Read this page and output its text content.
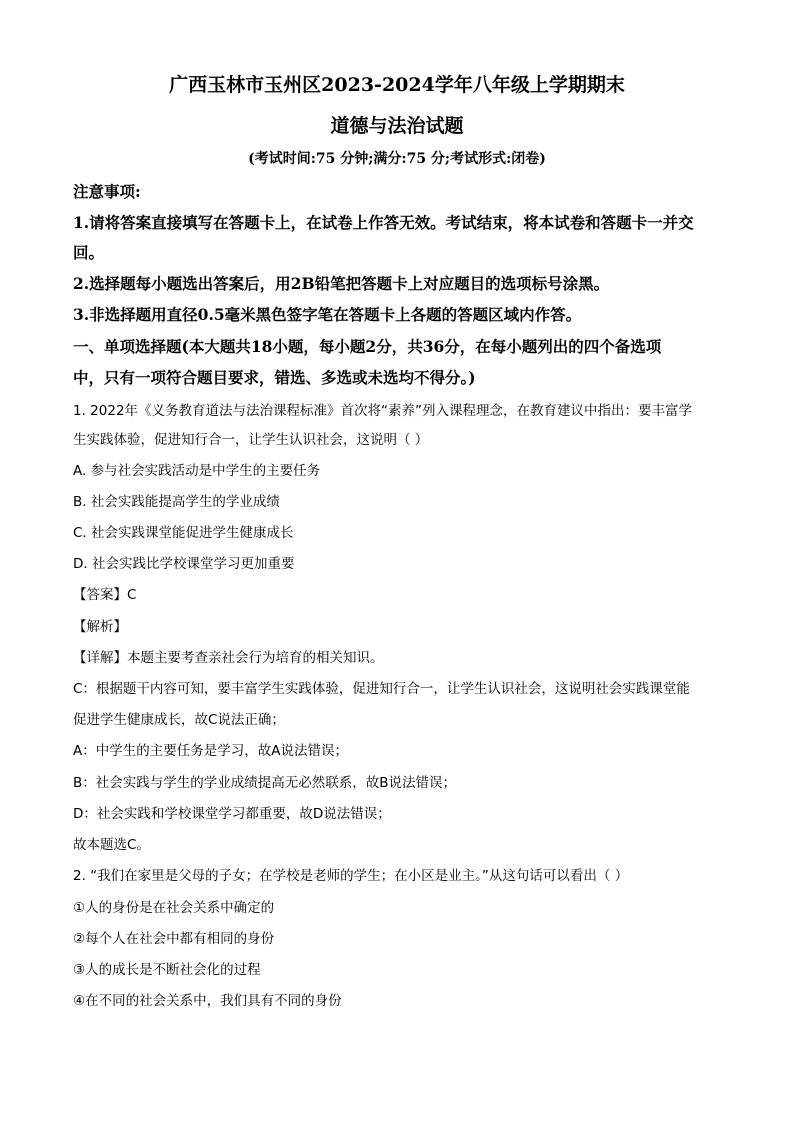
广西玉林市玉州区2023-2024学年八年级上学期期末
道德与法治试题
(考试时间:75 分钟;满分:75 分;考试形式:闭卷)
注意事项:
1.请将答案直接填写在答题卡上，在试卷上作答无效。考试结束，将本试卷和答题卡一并交
回。
2.选择题每小题选出答案后，用2B铅笔把答题卡上对应题目的选项标号涂黑。
3.非选择题用直径0.5毫米黑色签字笔在答题卡上各题的答题区域内作答。
一、单项选择题(本大题共18小题，每小题2分，共36分，在每小题列出的四个备选项
中，只有一项符合题目要求，错选、多选或未选均不得分。)
1. 2022年《义务教育道法与法治课程标准》首次将“素养”列入课程理念，在教育建议中指出：要丰富学
生实践体验，促进知行合一，让学生认识社会，这说明（ ）
A. 参与社会实践活动是中学生的主要任务
B. 社会实践能提高学生的学业成绩
C. 社会实践课堂能促进学生健康成长
D. 社会实践比学校课堂学习更加重要
【答案】C
【解析】
【详解】本题主要考查亲社会行为培育的相关知识。
C：根据题干内容可知，要丰富学生实践体验，促进知行合一，让学生认识社会，这说明社会实践课堂能
促进学生健康成长，故C说法正确；
A：中学生的主要任务是学习，故A说法错误；
B：社会实践与学生的学业成绩提高无必然联系，故B说法错误；
D：社会实践和学校课堂学习都重要，故D说法错误；
故本题选C。
2. “我们在家里是父母的子女；在学校是老师的学生；在小区是业主。”从这句话可以看出（ ）
①人的身份是在社会关系中确定的
②每个人在社会中都有相同的身份
③人的成长是不断社会化的过程
④在不同的社会关系中，我们具有不同的身份
